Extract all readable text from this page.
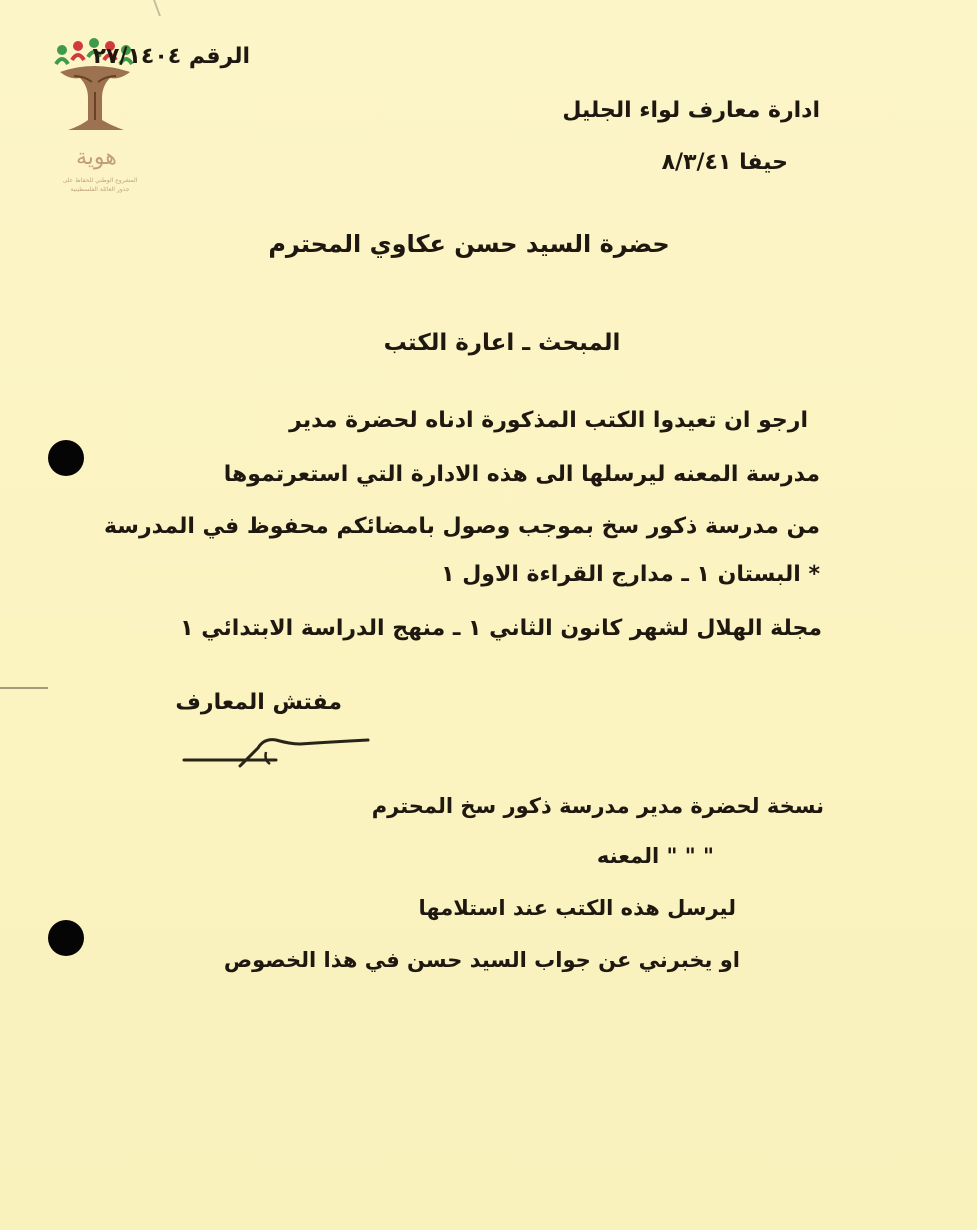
هوية
المشروع الوطني للحفاظ على
جذور العائلة الفلسطينية
الرقم ٢٧/١٤٠٤
ادارة معارف لواء الجليل
حيفا ٨/٣/٤١
حضرة السيد حسن عكاوي المحترم
المبحث ـ اعارة الكتب
ارجو ان تعيدوا الكتب المذكورة ادناه لحضرة مدير
مدرسة المعنه ليرسلها الى هذه الادارة التي استعرتموها
من مدرسة ذكور سخ بموجب وصول بامضائكم محفوظ في المدرسة
* البستان ١ ـ مدارج القراءة الاول ١
مجلة الهلال لشهر كانون الثاني ١ ـ منهج الدراسة الابتدائي ١
مفتش المعارف
نسخة لحضرة مدير مدرسة ذكور سخ المحترم
" " " المعنه
ليرسل هذه الكتب عند استلامها
او يخبرني عن جواب السيد حسن في هذا الخصوص
